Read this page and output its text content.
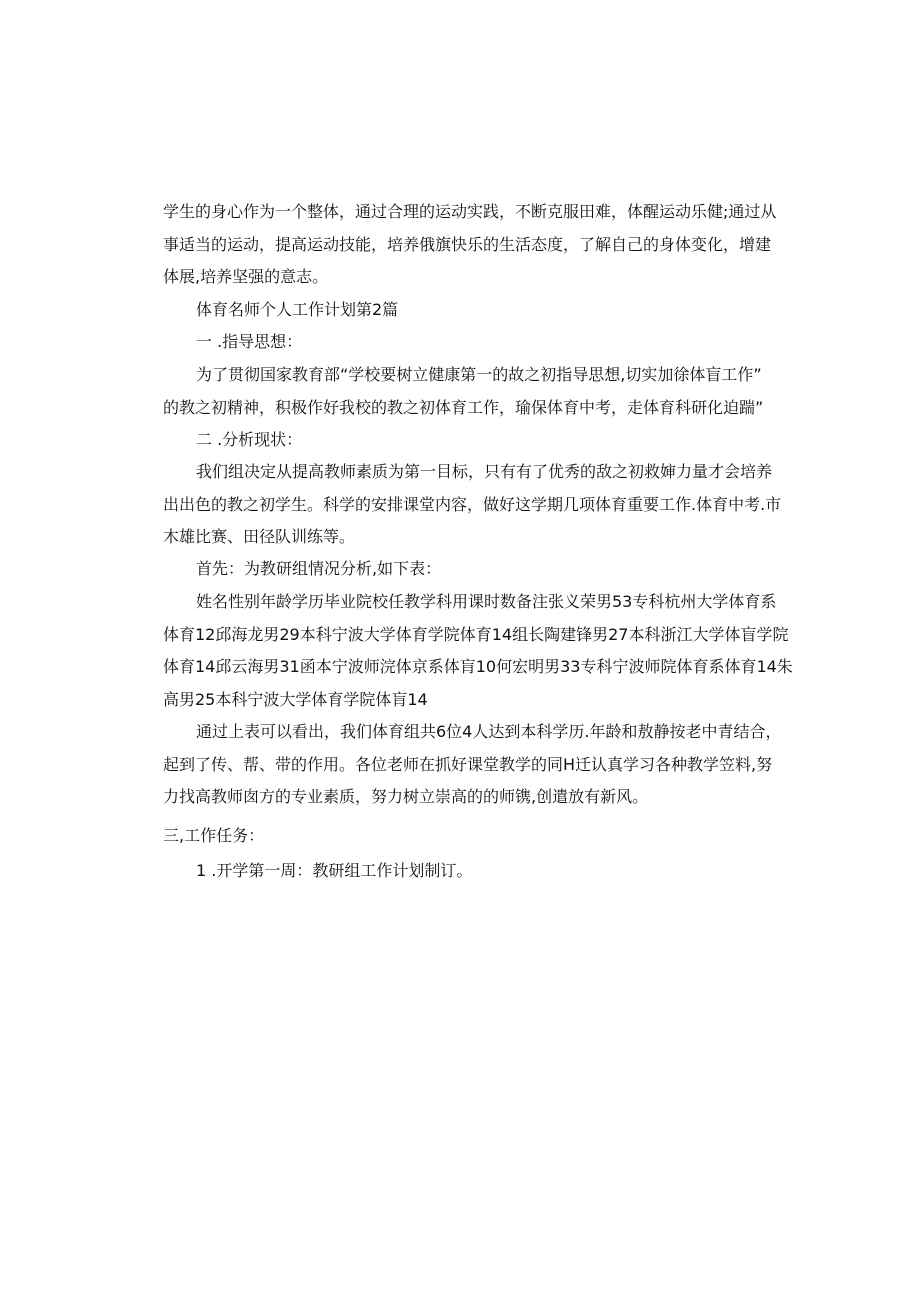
学生的身心作为一个整体，通过合理的运动实践，不断克服田难，体醒运动乐健;通过从
事适当的运动，提高运动技能，培养俄旗快乐的生活态度，了解自己的身体变化，增建
体展,培养坚强的意志。
体育名师个人工作计划第2篇
一 .指导思想：
为了贯彻国家教育部“学校要树立健康第一的故之初指导思想,切实加徐体盲工作”
的教之初精神，积极作好我校的教之初体育工作，瑜保体育中考，走体育科研化迫踹”
二 .分析现状：
我们组决定从提高教师素质为第一目标，只有有了优秀的敌之初救婶力量才会培养
出出色的教之初学生。科学的安排课堂内容，做好这学期几项体育重要工作.体育中考.市
木雄比赛、田径队训练等。
首先：为教研组情况分析,如下表：
姓名性别年龄学历毕业院校任教学科用课时数备注张义荣男53专科杭州大学体育系
体育12邱海龙男29本科宁波大学体育学院体育14组长陶建锋男27本科浙江大学体盲学院
体育14邱云海男31函本宁波师浣体京系体肓10何宏明男33专科宁波师院体育系体育14朱
高男25本科宁波大学体育学院体肓14
通过上表可以看出，我们体育组共6位4人达到本科学历.年龄和敖静按老中青结合，
起到了传、帮、带的作用。各位老师在抓好课堂教学的同H迁认真学习各种教学笠料,努
力找高教师囱方的专业素质，努力树立崇高的的师镌,创遣放有新风。
三,工作任务：
1 .开学第一周：教研组工作计划制订。
